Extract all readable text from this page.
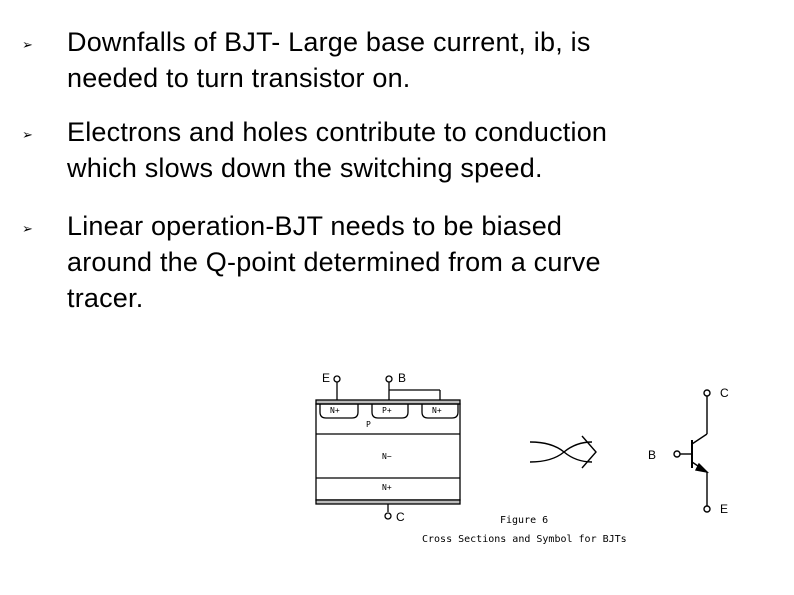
➢	Downfalls of BJT- Large base current, ib, is
needed to turn transistor on.
➢	Electrons and holes contribute to conduction
which slows down the switching speed.
➢	Linear operation-BJT needs to be biased
around the Q-point determined from a curve
tracer.
E	B
C
N+	P+	N+
P
N−
N+
C
B
E
Figure 6
Cross Sections and Symbol for BJTs
